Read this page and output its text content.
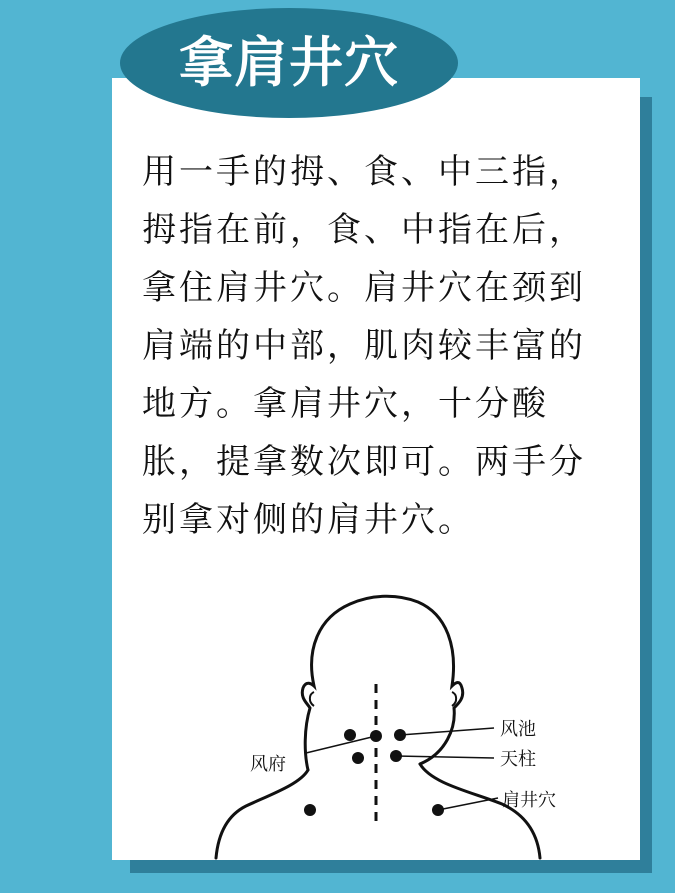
拿肩井穴

用一手的拇、食、中三指，
拇指在前，食、中指在后，
拿住肩井穴。肩井穴在颈到
肩端的中部，肌肉较丰富的
地方。拿肩井穴，十分酸
胀，提拿数次即可。两手分
别拿对侧的肩井穴。

风池
风府	天柱
肩井穴
